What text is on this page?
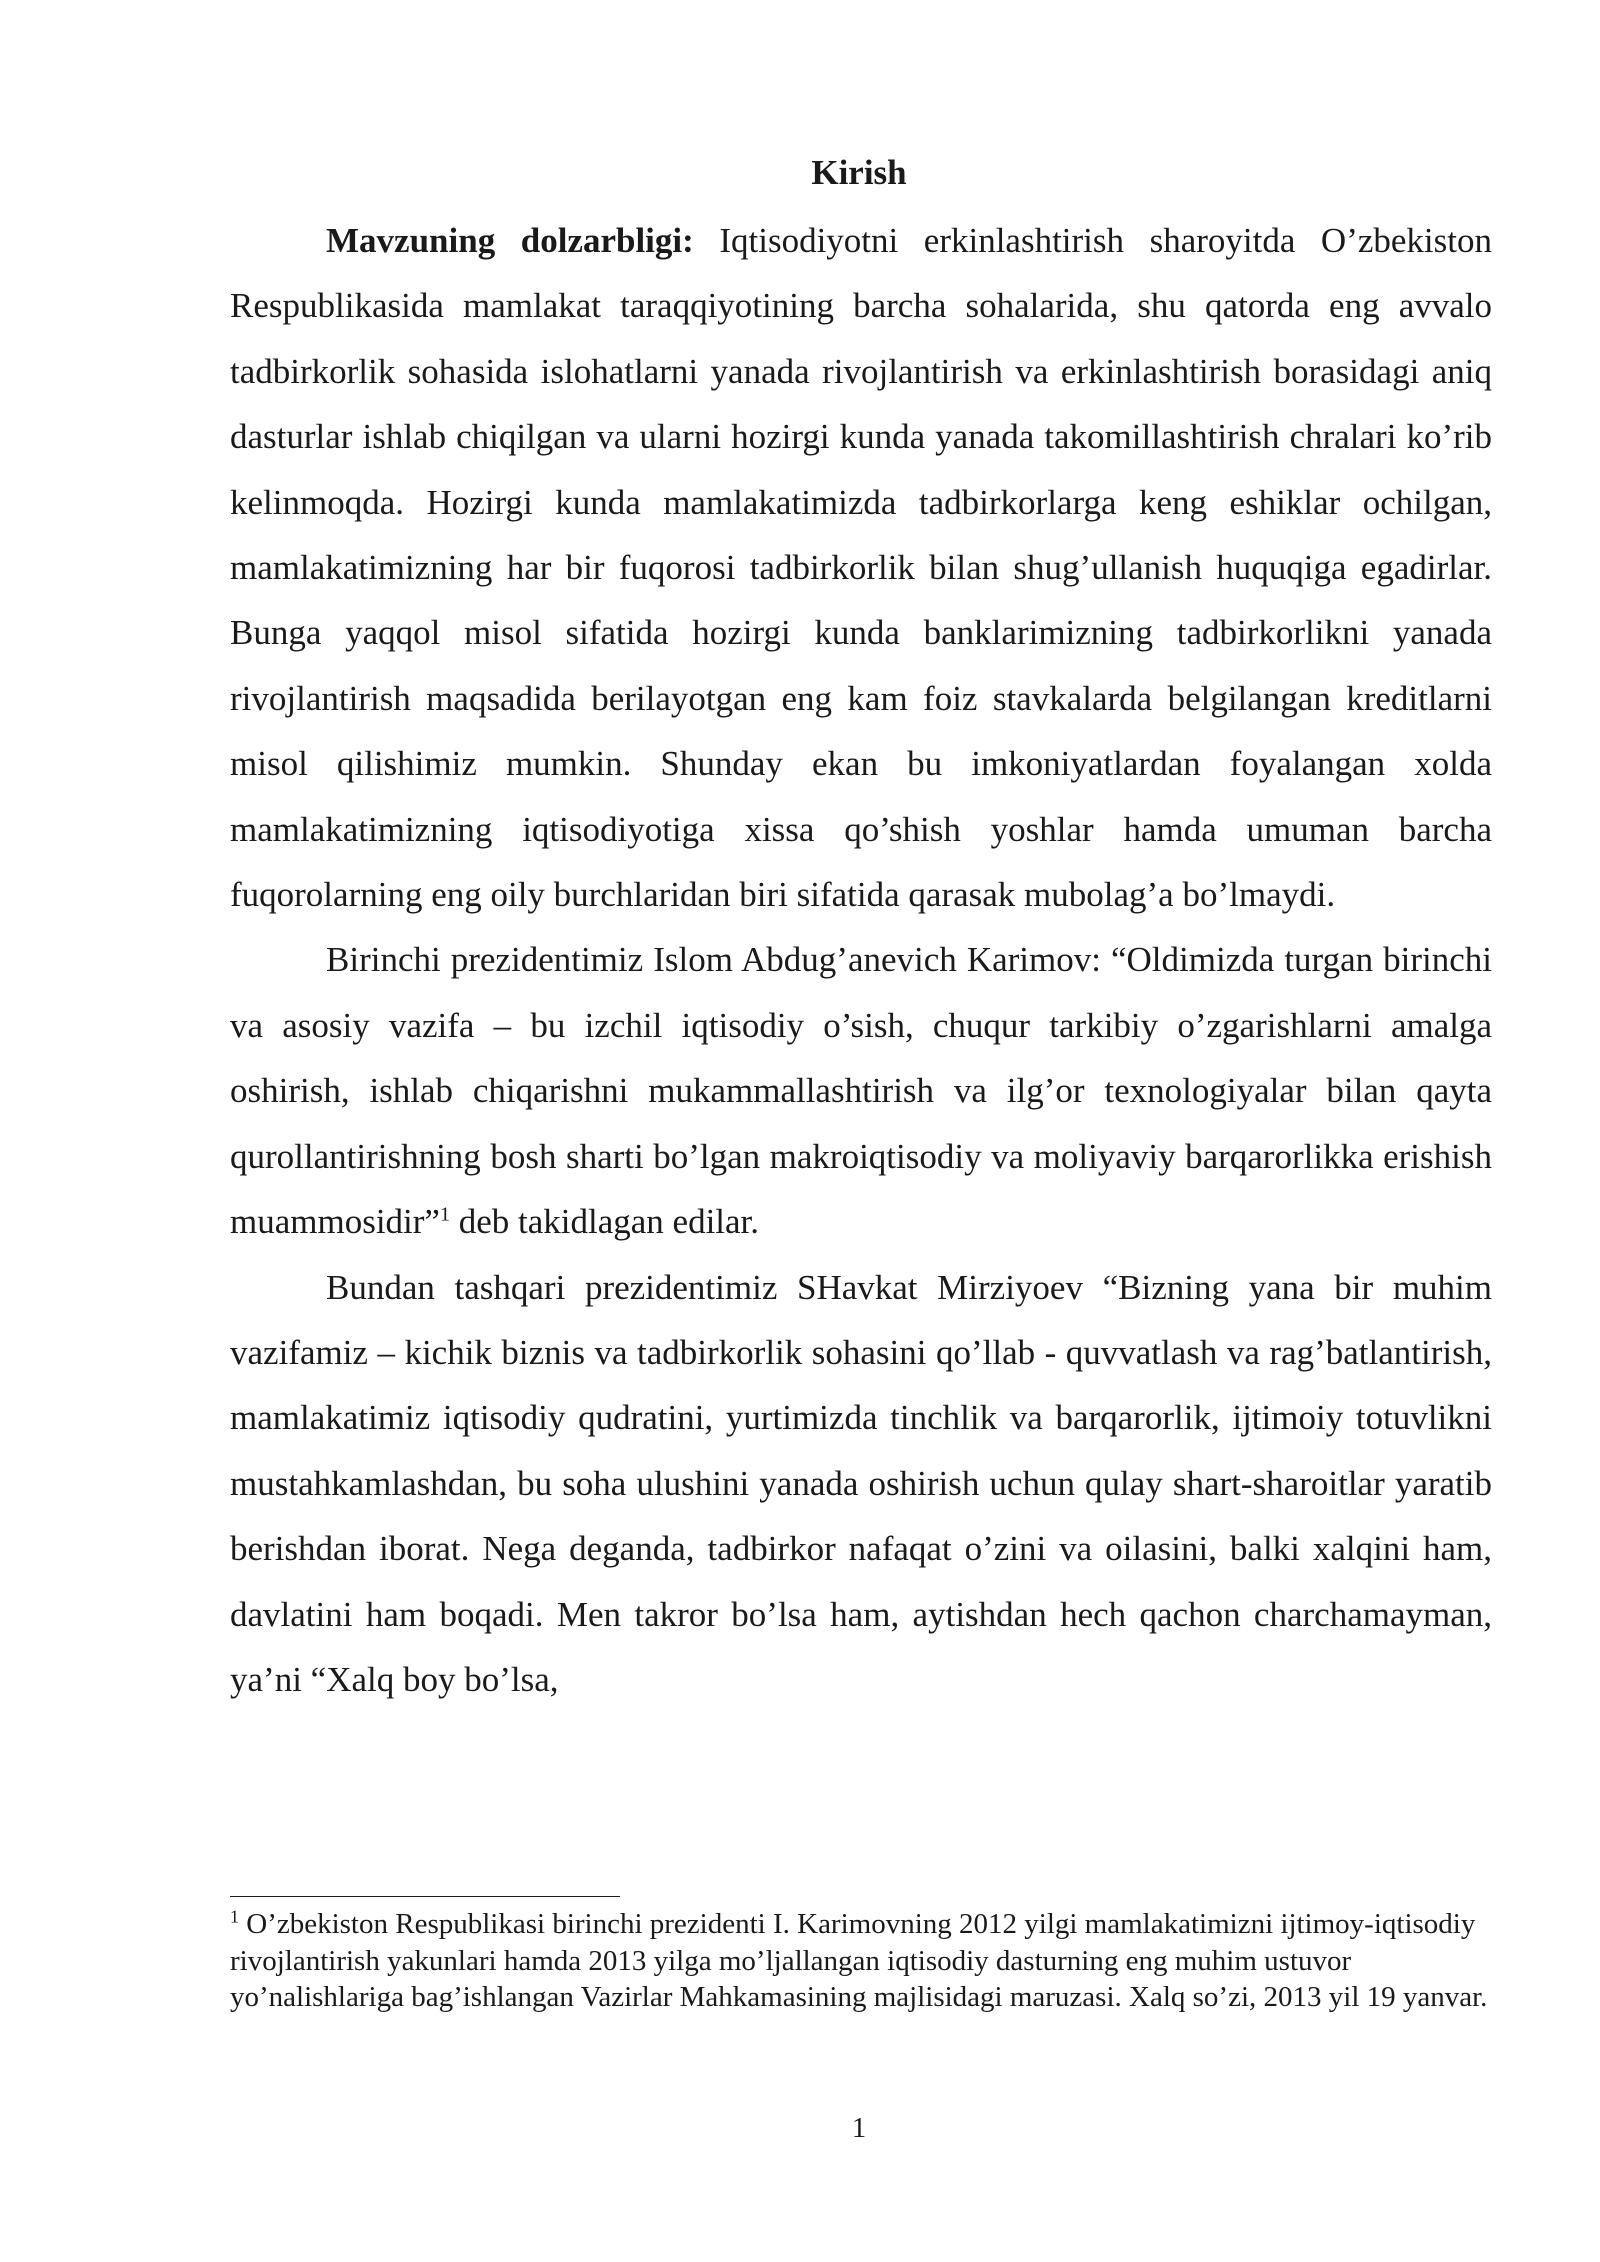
Kirish

Mavzuning dolzarbligi: Iqtisodiyotni erkinlashtirish sharoyitda O’zbekiston Respublikasida mamlakat taraqqiyotining barcha sohalarida, shu qatorda eng avvalo tadbirkorlik sohasida islohatlarni yanada rivojlantirish va erkinlashtirish borasidagi aniq dasturlar ishlab chiqilgan va ularni hozirgi kunda yanada takomillashtirish chralari ko’rib kelinmoqda. Hozirgi kunda mamlakatimizda tadbirkorlarga keng eshiklar ochilgan, mamlakatimizning har bir fuqorosi tadbirkorlik bilan shug’ullanish huquqiga egadirlar. Bunga yaqqol misol sifatida hozirgi kunda banklarimizning tadbirkorlikni yanada rivojlantirish maqsadida berilayotgan eng kam foiz stavkalarda belgilangan kreditlarni misol qilishimiz mumkin. Shunday ekan bu imkoniyatlardan foyalangan xolda mamlakatimizning iqtisodiyotiga xissa qo’shish yoshlar hamda umuman barcha fuqorolarning eng oily burchlaridan biri sifatida qarasak mubolag’a bo’lmaydi.

Birinchi prezidentimiz Islom Abdug’anevich Karimov: “Oldimizda turgan birinchi va asosiy vazifa – bu izchil iqtisodiy o’sish, chuqur tarkibiy o’zgarishlarni amalga oshirish, ishlab chiqarishni mukammallashtirish va ilg’or texnologiyalar bilan qayta qurollantirishning bosh sharti bo’lgan makroiqtisodiy va moliyaviy barqarorlikka erishish muammosidir”$^1$ deb takidlagan edilar.

Bundan tashqari prezidentimiz SHavkat Mirziyoev “Bizning yana bir muhim vazifamiz – kichik biznis va tadbirkorlik sohasini qo’llab - quvvatlash va rag’batlantirish, mamlakatimiz iqtisodiy qudratini, yurtimizda tinchlik va barqarorlik, ijtimoiy totuvlikni mustahkamlashdan, bu soha ulushini yanada oshirish uchun qulay shart-sharoitlar yaratib berishdan iborat. Nega deganda, tadbirkor nafaqat o’zini va oilasini, balki xalqini ham, davlatini ham boqadi. Men takror bo’lsa ham, aytishdan hech qachon charchamayman, ya’ni “Xalq boy bo’lsa,

$^1$ O’zbekiston Respublikasi birinchi prezidenti I. Karimovning 2012 yilgi mamlakatimizni ijtimoy-iqtisodiy rivojlantirish yakunlari hamda 2013 yilga mo’ljallangan iqtisodiy dasturning eng muhim ustuvor yo’nalishlariga bag’ishlangan Vazirlar Mahkamasining majlisidagi maruzasi. Xalq so’zi, 2013 yil 19 yanvar.

1
